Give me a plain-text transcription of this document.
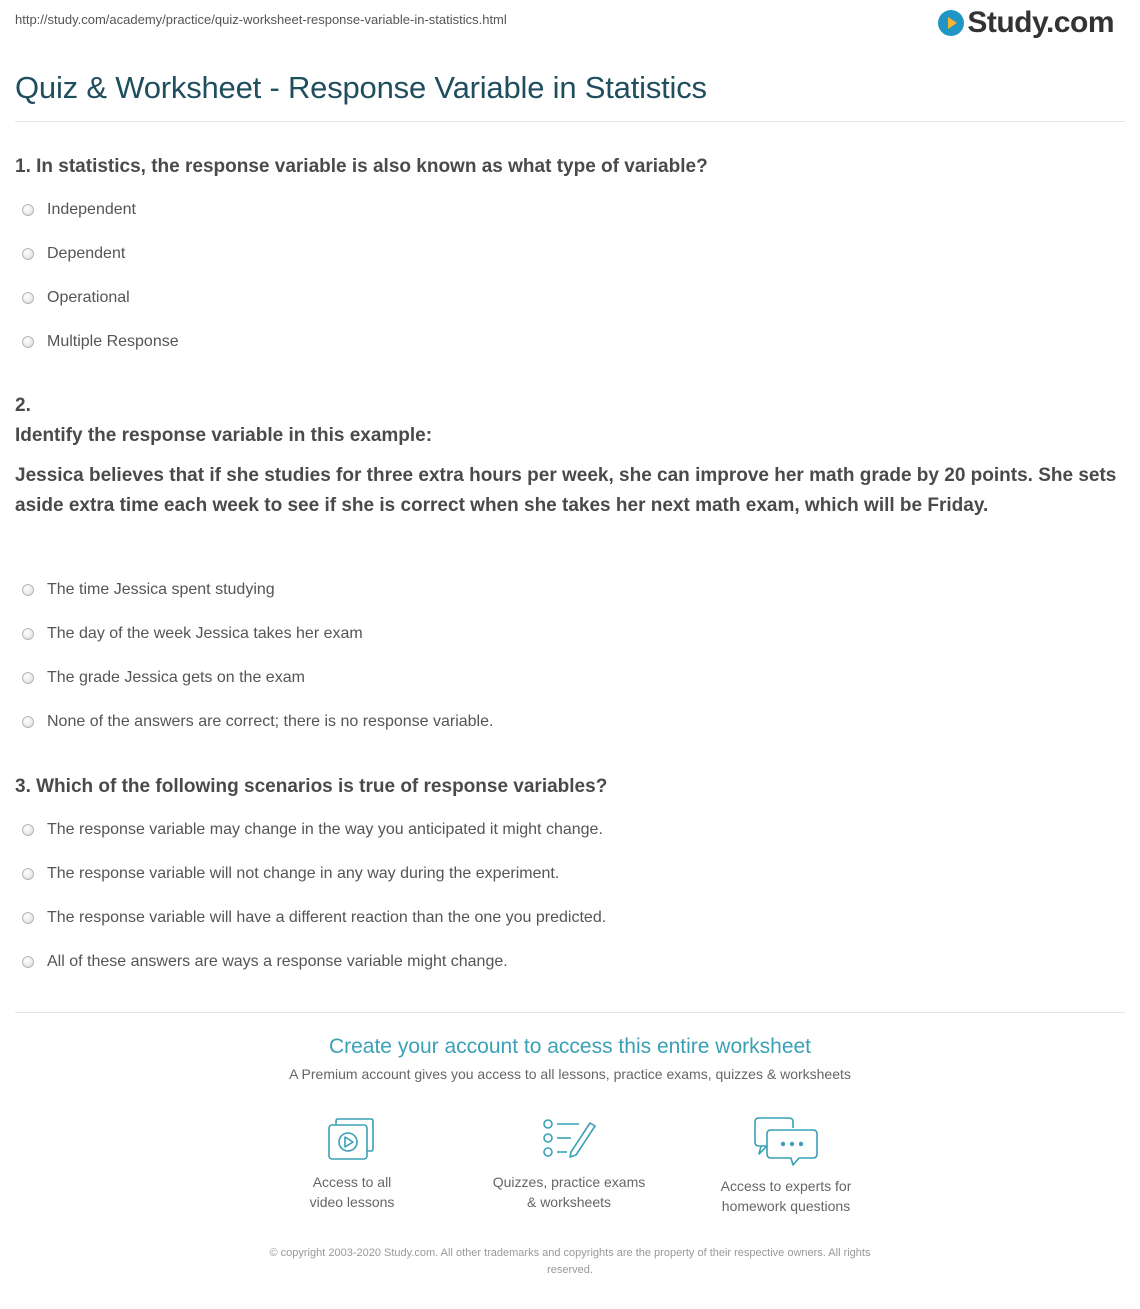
http://study.com/academy/practice/quiz-worksheet-response-variable-in-statistics.html	Study.com
Quiz & Worksheet - Response Variable in Statistics
1. In statistics, the response variable is also known as what type of variable?
Independent
Dependent
Operational
Multiple Response
2.
Identify the response variable in this example:
Jessica believes that if she studies for three extra hours per week, she can improve her math grade by 20 points. She sets aside extra time each week to see if she is correct when she takes her next math exam, which will be Friday.
The time Jessica spent studying
The day of the week Jessica takes her exam
The grade Jessica gets on the exam
None of the answers are correct; there is no response variable.
3. Which of the following scenarios is true of response variables?
The response variable may change in the way you anticipated it might change.
The response variable will not change in any way during the experiment.
The response variable will have a different reaction than the one you predicted.
All of these answers are ways a response variable might change.
Create your account to access this entire worksheet
A Premium account gives you access to all lessons, practice exams, quizzes & worksheets
Access to all
video lessons
Quizzes, practice exams
& worksheets
Access to experts for
homework questions
© copyright 2003-2020 Study.com. All other trademarks and copyrights are the property of their respective owners. All rights
reserved.
